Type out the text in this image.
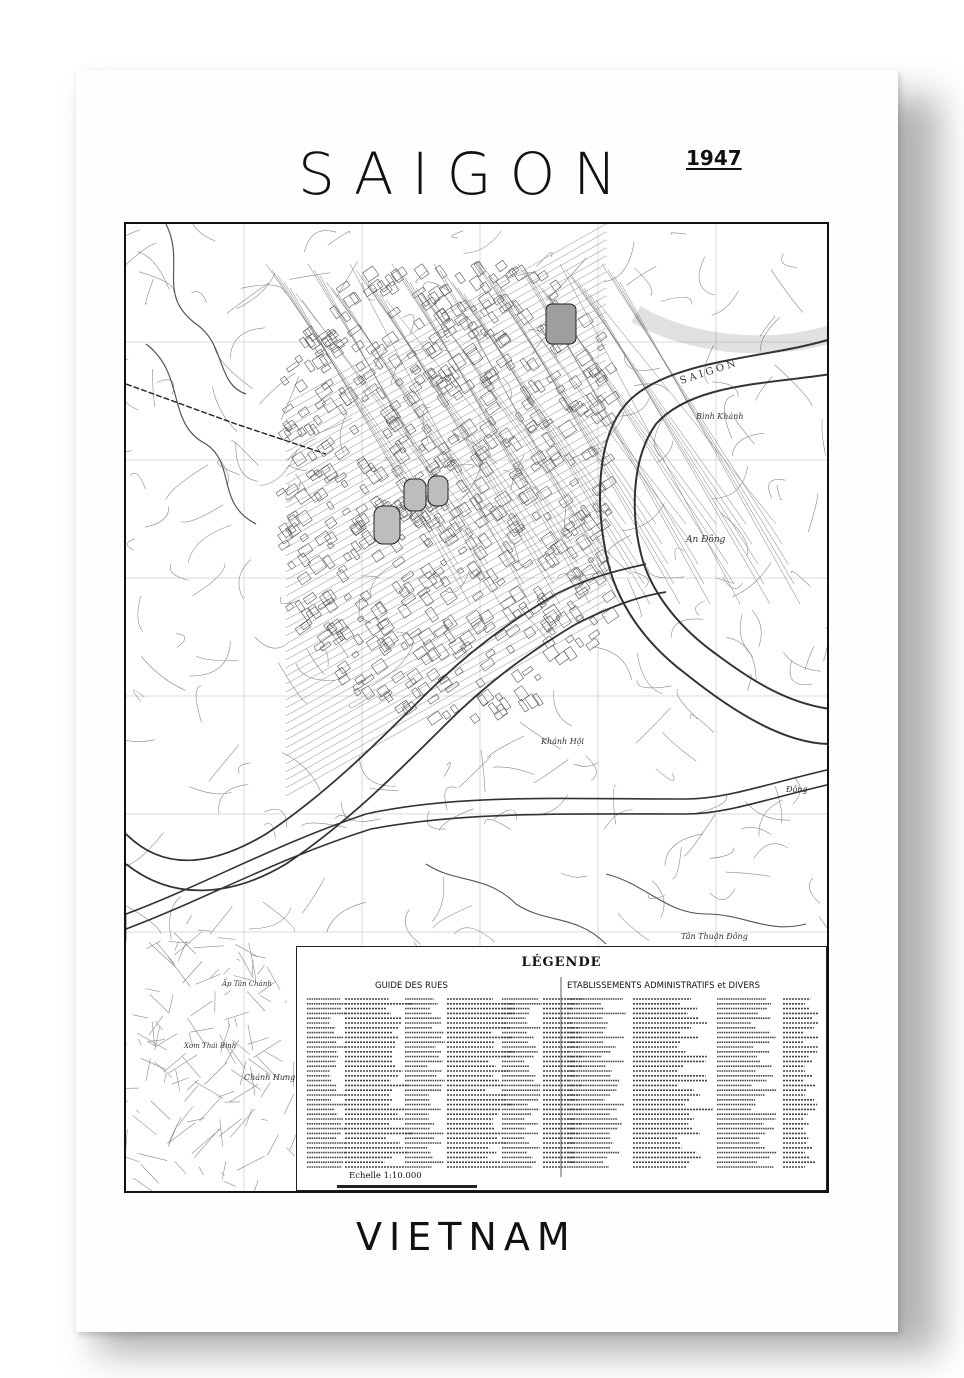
SAIGON	1947
SAIGON
Bình Khánh
An Đông
Khánh Hội
Tân Thuận Đông
Đông
Chánh Hưng
Xom Thái Bình
Ấp Tân Chánh
LÉGENDE
GUIDE DES RUES	ETABLISSEMENTS ADMINISTRATIFS et DIVERS
Echelle 1:10.000
VIETNAM
